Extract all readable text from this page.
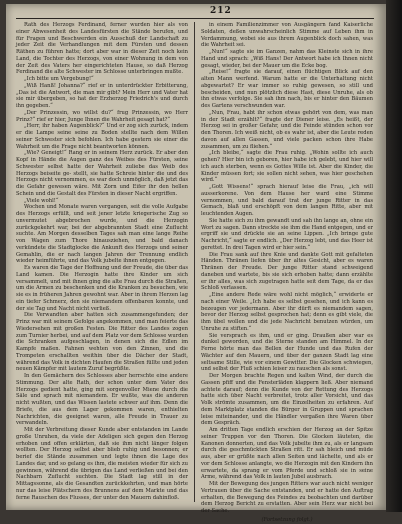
212

Rath des Herzogs Ferdinand, ferner wurden hier als von einer Abwesenheit des Landesfürsten die Stände berufen, und für Fragen und Beschwerden ein Ausschuß der Landschaft zu jeder Zeit die Verhandlungen mit dem Fürsten und dessen Räthen zu führen hatte; dort aber war in dieser Zeit noch kein Land, die Tochter des Herzogs, von einer Wohnung in dem von der Zeit des Vaters her eingerichteten Hause, so daß Herzog Ferdinand die alte Schwester im Schlosse unterbringen mußte.

„Ich bitte um Vergebung!“

„Wiß Hanß! Johanna?“ rief er in unterdrückter Erbitterung, „Das ist die Antwort, die man mir gibt? Mein Herr und Vater hat sie mir übergeben, so hat der Erzherzog Friedrich's und durch ihn gegeben.“

„Der Prinzessin, wo willst du?“ frug Prinzessin, wo Herr Prinz?“ rief er hier, Junge Ihnen die Wahrheit gesagt hat?“

„Herr, ihr haben Augenblick?“ Und er zog sich zurück, indem er die Lampe seine seine zu Boden stellte nach dem Willen seiner Schwester sich befohlen. Ich habe gestern sie einer die Wahrheit um die Frage nicht beantworten können.

„Wie? Geneigt!“ Rang er in seinem Herz zurück. Er aber den Kopf in Hände die Augen ganz des Weibes des Fürsten, seine Schwester selbst hatte der Wahrheit zuliebe das Weib des Herzogs beiseite ge- stellt, sie hatte Schreie hinter die und des Herzogs nicht vernommen, es war doch unmöglich, daß jetzt das die Gefahr gewesen wäre. Mit Zorn und Eifer ihr den hellen Schein und die Gestalt des Fürsten in dieser Nacht ergriffen.

„Viele wohl!“

Wochen und Monate waren vergangen, seit die volle Aufgabe des Herzogs erfüllt, und seit jener letzte kriegerische Zug so unvermutet abgebrochen wurde, und die Herzogin zurückgekehrt war, bei der abgebrannten Stadt eine Zuflucht suchte. Am Morgen desselben Tages sah man eine lange Reihe von Wagen zum Thore hinausziehen, und bald danach verkündete die Stadtglocke die Ankunft des Herzogs und seiner Gemahlin, die er nach langen Jahren der Trennung endlich wieder heimführte, und das Volk jubelte ihnen entgegen.

Es waren die Tage der Hoffnung und der Freude, die über das Land kamen. Die Herzogin hatte ihre Kinder um sich versammelt, und mit ihnen ging die alte Frau durch die Straßen, um die Armen zu beschenken und die Kranken zu besuchen, wie sie es in früheren Jahren gewohnt war. Aber in ihrem Herzen lag ein tiefer Schmerz, den sie niemandem offenbaren konnte, und der sie Tag und Nacht nicht verließ.

Die Verwandten aber hatten sich zusammengefunden; der Prinz war mit seinem Gefolge angekommen, und man feierte das Wiedersehen mit großen Festen. Die Ritter des Landes zogen zum Turnier herbei, und auf dem Platz vor dem Schlosse wurden die Schranken aufgeschlagen, in denen sich die Edlen im Kampfe maßen. Fahnen wehten von den Zinnen, und die Trompeten erschallten weithin über die Dächer der Stadt, während das Volk in dichten Haufen die Straßen füllte und jeden neuen Kämpfer mit lautem Zuruf begrüßte.

In den Gemächern des Schlosses aber herrschte eine andere Stimmung. Der alte Rath, der schon unter dem Vater des Herzogs gedient hatte, ging mit sorgenvoller Miene durch die Säle und sprach mit niemandem. Er wußte, was die anderen nicht wußten, und das Wissen lastete schwer auf ihm. Denn die Briefe, die aus dem Lager gekommen waren, enthielten Nachrichten, die geeignet waren, alle Freude in Trauer zu verwandeln.

Mit der Verbreitung dieser Kunde aber entstanden im Lande große Unruhen, da viele der Adeligen sich gegen den Herzog erhoben und offen erklärten, daß sie ihm nicht länger folgen wollten. Der Herzog selbst aber blieb ruhig und besonnen; er berief die Stände zusammen und legte ihnen die Lage des Landes dar, und so gelang es ihm, die meisten wieder für sich zu gewinnen, während die übrigen das Land verließen und bei den Nachbarn Zuflucht suchten. Die Stadt lag still in der Mittagssonne, als die Gesandten zurückkehrten, und man hörte nur das leise Plätschern des Brunnens auf dem Markte und das ferne Rauschen des Flusses, der unter den Mauern dahinfloß.

in einem Familienzimmer von Ausgängern fand Kaiserliche Soldaten, deßen unwahrscheinlich Stimme auf Leben ihm in Verdammung, wobei sie aus ihrem Augenblick doch sahen, was die Wahrheit sei.

„Nun!“ sagte sie im Ganzen, nahm das Kleinste sich in ihre Hand und sprach: „Wiß Hans! Der Antwort habe ich Ihnen nicht gesagt, wieder, bei der Mauer um die Ecke bog.

„Reise!“ fragte sie darauf, einen flüchtigen Blick auf den alten Mann werfend. Warum hatte er die Unterhaltung nicht abgewartet? Er war immer so ruhig gewesen, so still und bescheiden, und nun plötzlich diese Hast, diese Unruhe, als ob ihn etwas verfolge. Sie sah ihm nach, bis er hinter den Bäumen des Gartens verschwunden war.

„Nun, Frau, habt ihr schon etwas gehört von dem, was man in der Stadt erzählt?“ fragte der Diener leise. „Es heißt, der Herzog sei in großer Gefahr, und die Feinde stünden schon vor den Thoren. Ich weiß nicht, ob es wahr ist, aber die Leute reden davon auf allen Gassen, und viele packen schon ihre Habe zusammen, um zu fliehen.“

„Ich bleibe,“ sagte die Frau ruhig. „Wohin sollte ich auch gehen? Hier bin ich geboren, hier habe ich gelebt, und hier will ich auch sterben, wenn es Gottes Wille ist. Aber die Kinder, die Kinder müssen fort; sie sollen nicht sehen, was hier geschehen wird.“

„Gott Wissens!“ sprach hierauf leise die Frau, „ich will ausserkorene. Von dem Hause her ward eine Stimme vernommen, und bald darauf trat der junge Ritter in das Gemach, blaß und erschöpft von dem langen Ritte, aber mit leuchtenden Augen.

Sie hatte sich zu ihm gewandt und sah ihn lange an, ohne ein Wort zu sagen. Dann streckte sie ihm die Hand entgegen, und er ergriff sie und drückte sie an seine Lippen. „Ich bringe gute Nachricht,“ sagte er endlich. „Der Herzog lebt, und das Heer ist gerettet. In drei Tagen wird er hier sein.“

Die Frau sank auf ihre Knie und dankte Gott mit gefalteten Händen. Thränen liefen über ihr altes Gesicht, aber es waren Thränen der Freude. Der junge Ritter stand schweigend daneben und wartete, bis sie sich erhoben hatte; dann erzählte er ihr alles, was sich zugetragen hatte seit dem Tage, da er das Schloß verlassen.

„Eine andere Rede wäre wohl nicht möglich,“ erwiderte er nach einer Weile. „Ich habe es selbst gesehen, und ich kann es bezeugen vor jedermann. Aber ihr dürft es niemandem sagen, bevor der Herzog selbst gesprochen hat; denn es gibt viele, die ihm übel wollen und die jede Nachricht benutzen würden, um Unruhe zu stiften.“

Sie versprach es ihm, und er ging. Draußen aber war es dunkel geworden, und die Sterne standen am Himmel. In der Ferne hörte man das Bellen der Hunde und das Rufen der Wächter auf den Mauern, und über der ganzen Stadt lag eine seltsame Stille, wie vor einem Gewitter. Die Glocken schwiegen, und selbst der Fluß schien leiser zu rauschen als sonst.

Der Morgen brachte Regen und kalten Wind, der durch die Gassen pfiff und die Fensterläden klappern ließ. Aber niemand achtete darauf; denn die Kunde von der Rettung des Herzogs hatte sich über Nacht verbreitet, trotz aller Vorsicht, und das Volk strömte zusammen, um die Einzelheiten zu erfahren. Auf dem Marktplatz standen die Bürger in Gruppen und sprachen leise miteinander, und die Händler vergaßen ihre Waren über dem Gespräch.

Am dritten Tage endlich erschien der Herzog an der Spitze seiner Truppen vor den Thoren. Die Glocken läuteten, die Kanonen donnerten, und das Volk jubelte ihm zu, als er langsam durch die geschmückten Straßen ritt. Er sah bleich und müde aus, aber er grüßte nach allen Seiten und lächelte, und als er vor dem Schlosse anlangte, wo die Herzogin mit den Kindern ihn erwartete, da sprang er vom Pferde und schloß sie in seine Arme, während das Volk in lauten Jubel ausbrach.

Mit der Bewegung des jungen Ritters war auch nicht weniger Vertrauen über die Sache entstanden, und er hatte den Auftrag erhalten, die Bewegung des Feindes zu beobachten und darüber dem Herzog Bericht zu erstatten. Aber sein Herz war nicht bei der Sache.

(Fortsetzung folgt.)
